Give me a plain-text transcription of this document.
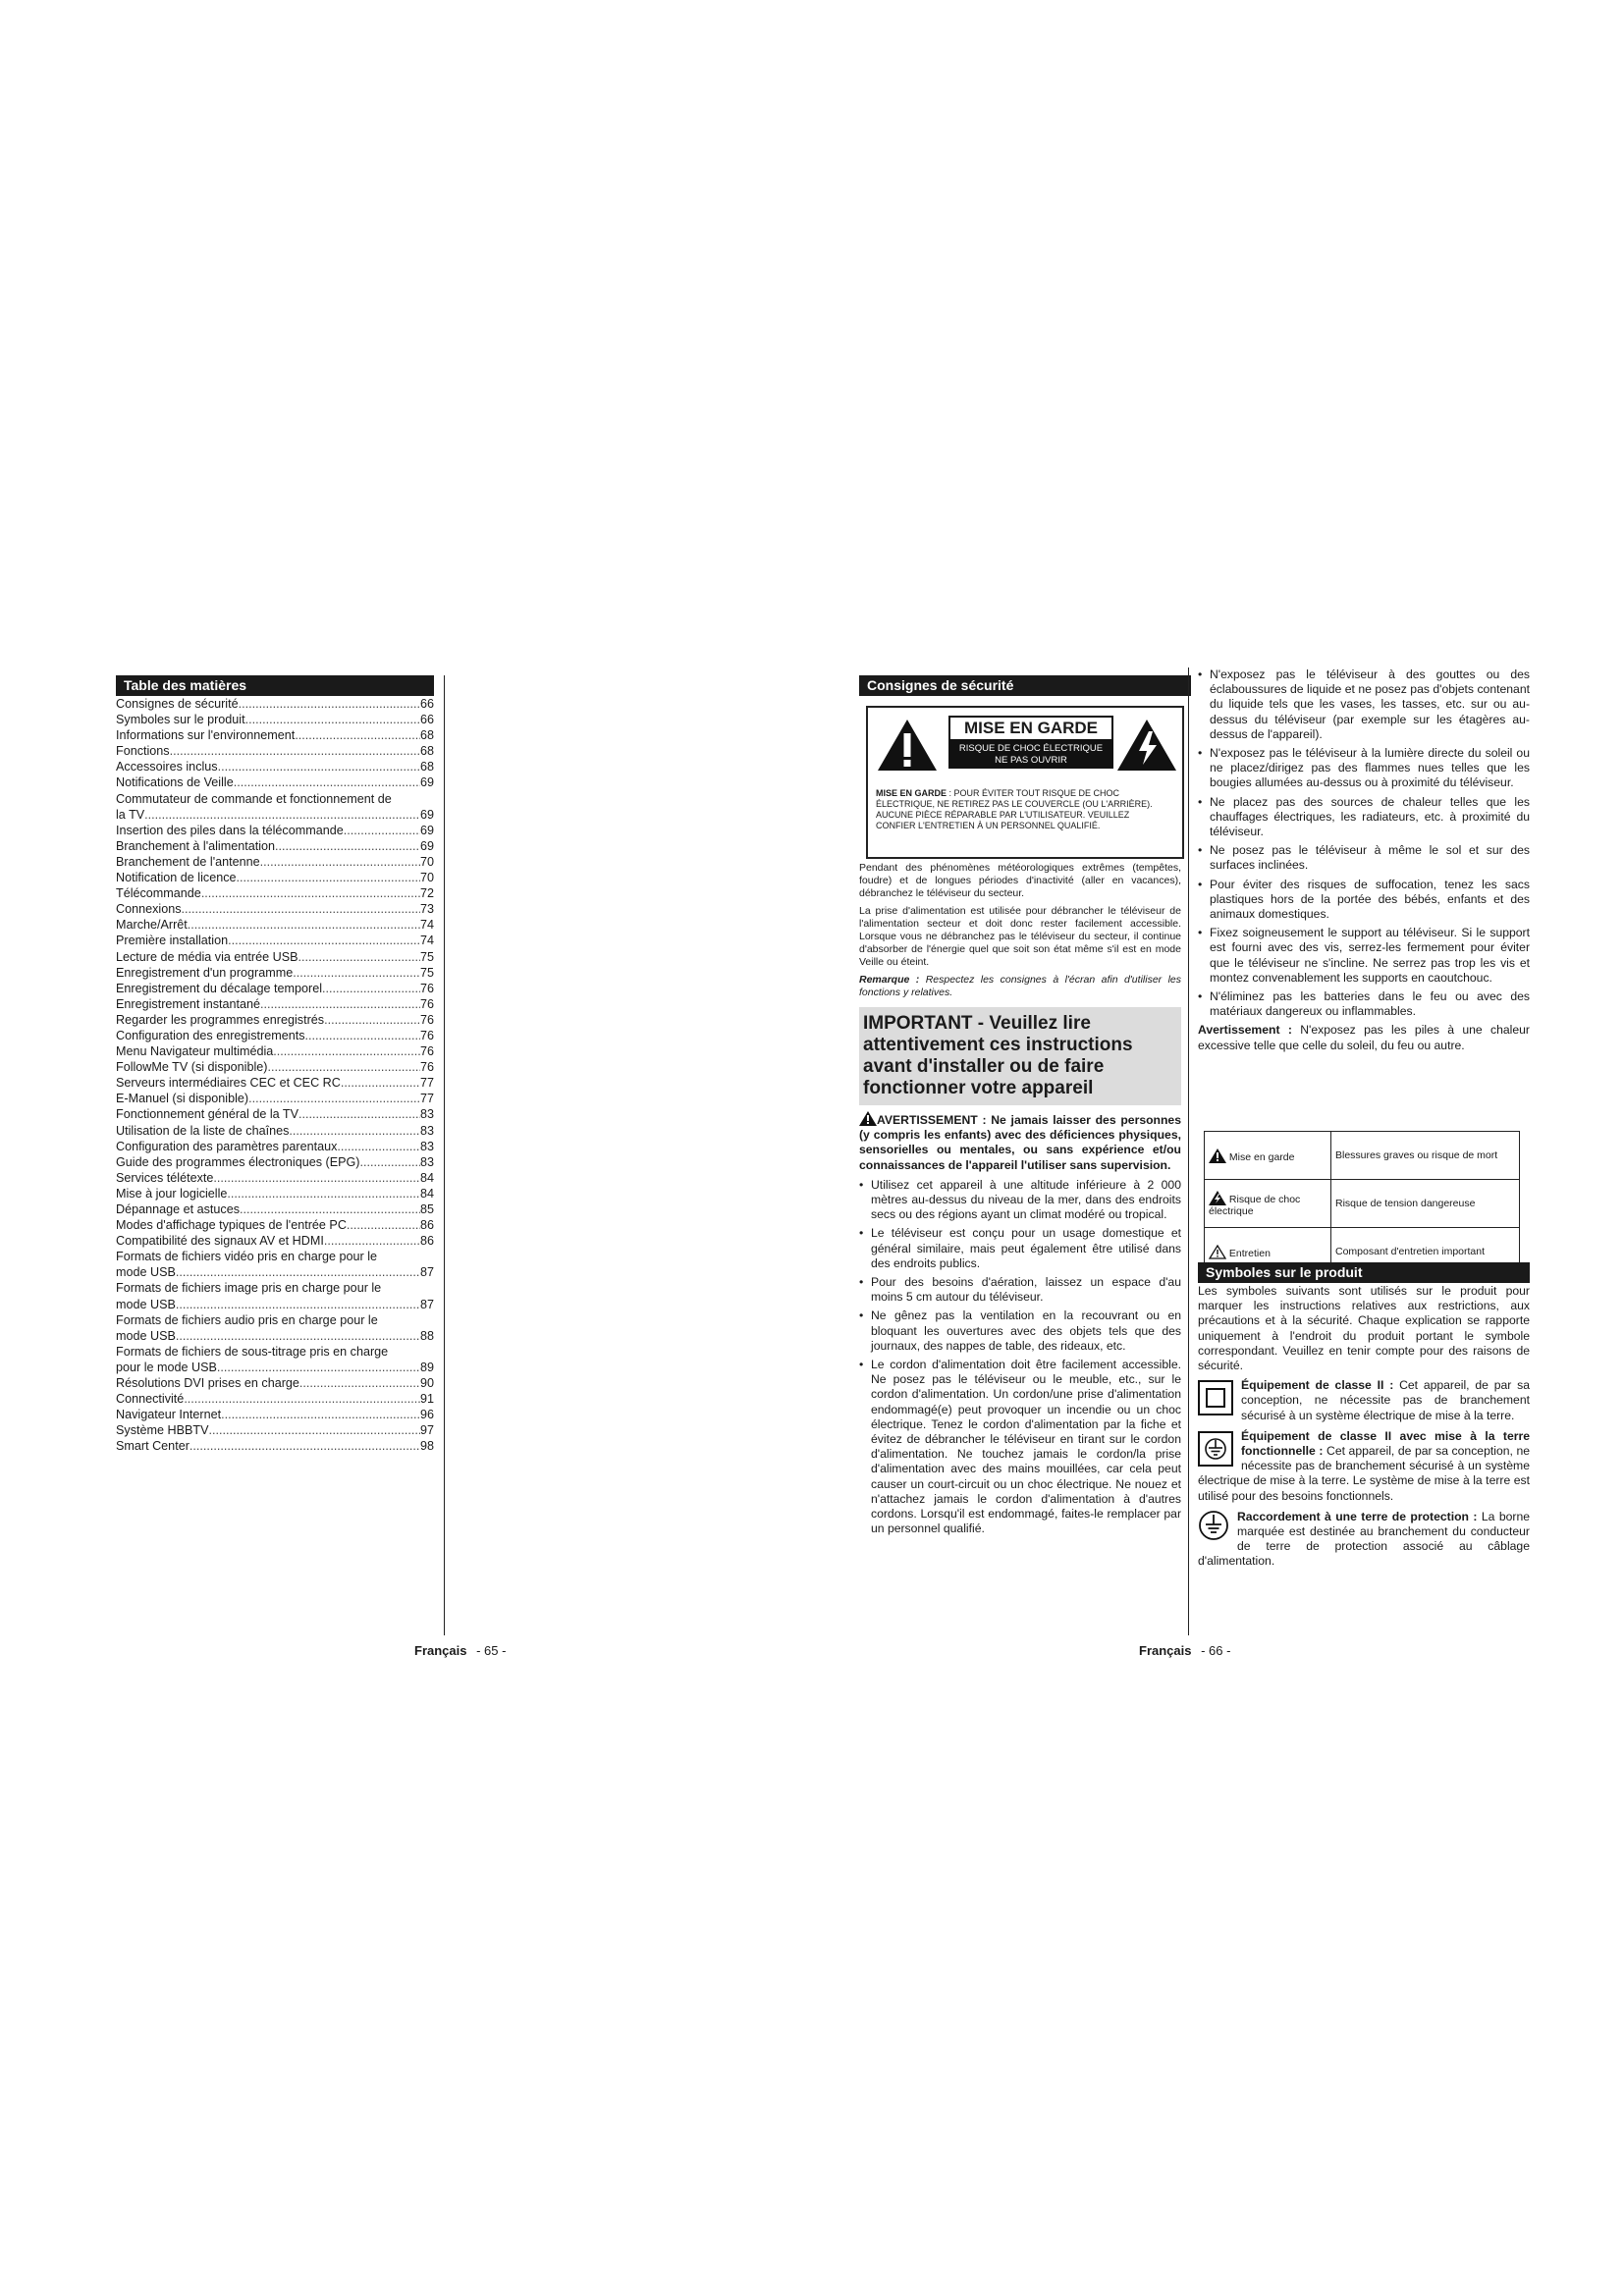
Table des matières
Consignes de sécurité .....	66
Symboles sur le produit .....	66
Informations sur l'environnement .....	68
Fonctions .....	68
Accessoires inclus .....	68
Notifications de Veille .....	69
Commutateur de commande et fonctionnement de
la TV .....	69
Insertion des piles dans la télécommande .....	69
Branchement à l'alimentation .....	69
Branchement de l'antenne .....	70
Notification de licence .....	70
Télécommande .....	72
Connexions .....	73
Marche/Arrêt .....	74
Première installation .....	74
Lecture de média via entrée USB .....	75
Enregistrement d'un programme .....	75
Enregistrement du décalage temporel .....	76
Enregistrement instantané .....	76
Regarder les programmes enregistrés .....	76
Configuration des enregistrements .....	76
Menu Navigateur multimédia .....	76
FollowMe TV (si disponible) .....	76
Serveurs intermédiaires CEC et CEC RC .....	77
E-Manuel (si disponible) .....	77
Fonctionnement général de la TV .....	83
Utilisation de la liste de chaînes .....	83
Configuration des paramètres parentaux .....	83
Guide des programmes électroniques (EPG) .....	83
Services télétexte .....	84
Mise à jour logicielle .....	84
Dépannage et astuces .....	85
Modes d'affichage typiques de l'entrée PC .....	86
Compatibilité des signaux AV et HDMI .....	86
Formats de fichiers vidéo pris en charge pour le
mode USB .....	87
Formats de fichiers image pris en charge pour le
mode USB .....	87
Formats de fichiers audio pris en charge pour le
mode USB .....	88
Formats de fichiers de sous-titrage pris en charge
pour le mode USB .....	89
Résolutions DVI prises en charge .....	90
Connectivité .....	91
Navigateur Internet .....	96
Système HBBTV .....	97
Smart Center .....	98
Français - 65 -
Consignes de sécurité
MISE EN GARDE
RISQUE DE CHOC ÉLECTRIQUE
NE PAS OUVRIR
MISE EN GARDE : POUR ÉVITER TOUT RISQUE DE CHOC ÉLECTRIQUE, NE RETIREZ PAS LE COUVERCLE (OU L'ARRIÈRE). AUCUNE PIÈCE RÉPARABLE PAR L'UTILISATEUR. VEUILLEZ CONFIER L'ENTRETIEN À UN PERSONNEL QUALIFIÉ.

Pendant des phénomènes météorologiques extrêmes (tempêtes, foudre) et de longues périodes d'inactivité (aller en vacances), débranchez le téléviseur du secteur.

La prise d'alimentation est utilisée pour débrancher le téléviseur de l'alimentation secteur et doit donc rester facilement accessible. Lorsque vous ne débranchez pas le téléviseur du secteur, il continue d'absorber de l'énergie quel que soit son état même s'il est en mode Veille ou éteint.

Remarque : Respectez les consignes à l'écran afin d'utiliser les fonctions y relatives.

IMPORTANT - Veuillez lire attentivement ces instructions avant d'installer ou de faire fonctionner votre appareil

AVERTISSEMENT : Ne jamais laisser des personnes (y compris les enfants) avec des déficiences physiques, sensorielles ou mentales, ou sans expérience et/ou connaissances de l'appareil l'utiliser sans supervision.

• Utilisez cet appareil à une altitude inférieure à 2 000 mètres au-dessus du niveau de la mer, dans des endroits secs ou des régions ayant un climat modéré ou tropical.
• Le téléviseur est conçu pour un usage domestique et général similaire, mais peut également être utilisé dans des endroits publics.
• Pour des besoins d'aération, laissez un espace d'au moins 5 cm autour du téléviseur.
• Ne gênez pas la ventilation en la recouvrant ou en bloquant les ouvertures avec des objets tels que des journaux, des nappes de table, des rideaux, etc.
• Le cordon d'alimentation doit être facilement accessible. Ne posez pas le téléviseur ou le meuble, etc., sur le cordon d'alimentation. Un cordon/une prise d'alimentation endommagé(e) peut provoquer un incendie ou un choc électrique. Tenez le cordon d'alimentation par la fiche et évitez de débrancher le téléviseur en tirant sur le cordon d'alimentation. Ne touchez jamais le cordon/la prise d'alimentation avec des mains mouillées, car cela peut causer un court-circuit ou un choc électrique. Ne nouez et n'attachez jamais le cordon d'alimentation à d'autres cordons. Lorsqu'il est endommagé, faites-le remplacer par un personnel qualifié.
• N'exposez pas le téléviseur à des gouttes ou des éclaboussures de liquide et ne posez pas d'objets contenant du liquide tels que les vases, les tasses, etc. sur ou au-dessus du téléviseur (par exemple sur les étagères au-dessus de l'appareil).
• N'exposez pas le téléviseur à la lumière directe du soleil ou ne placez/dirigez pas des flammes nues telles que les bougies allumées au-dessus ou à proximité du téléviseur.
• Ne placez pas des sources de chaleur telles que les chauffages électriques, les radiateurs, etc. à proximité du téléviseur.
• Ne posez pas le téléviseur à même le sol et sur des surfaces inclinées.
• Pour éviter des risques de suffocation, tenez les sacs plastiques hors de la portée des bébés, enfants et des animaux domestiques.
• Fixez soigneusement le support au téléviseur. Si le support est fourni avec des vis, serrez-les fermement pour éviter que le téléviseur ne s'incline. Ne serrez pas trop les vis et montez convenablement les supports en caoutchouc.
• N'éliminez pas les batteries dans le feu ou avec des matériaux dangereux ou inflammables.

Avertissement : N'exposez pas les piles à une chaleur excessive telle que celle du soleil, du feu ou autre.

Mise en garde	Blessures graves ou risque de mort
Risque de choc électrique	Risque de tension dangereuse
Entretien	Composant d'entretien important
Symboles sur le produit

Les symboles suivants sont utilisés sur le produit pour marquer les instructions relatives aux restrictions, aux précautions et à la sécurité. Chaque explication se rapporte uniquement à l'endroit du produit portant le symbole correspondant. Veuillez en tenir compte pour des raisons de sécurité.

Équipement de classe II : Cet appareil, de par sa conception, ne nécessite pas de branchement sécurisé à un système électrique de mise à la terre.
Équipement de classe II avec mise à la terre fonctionnelle : Cet appareil, de par sa conception, ne nécessite pas de branchement sécurisé à un système électrique de mise à la terre. Le système de mise à la terre est utilisé pour des besoins fonctionnels.
Raccordement à une terre de protection : La borne marquée est destinée au branchement du conducteur de terre de protection associé au câblage d'alimentation.
Français - 66 -
